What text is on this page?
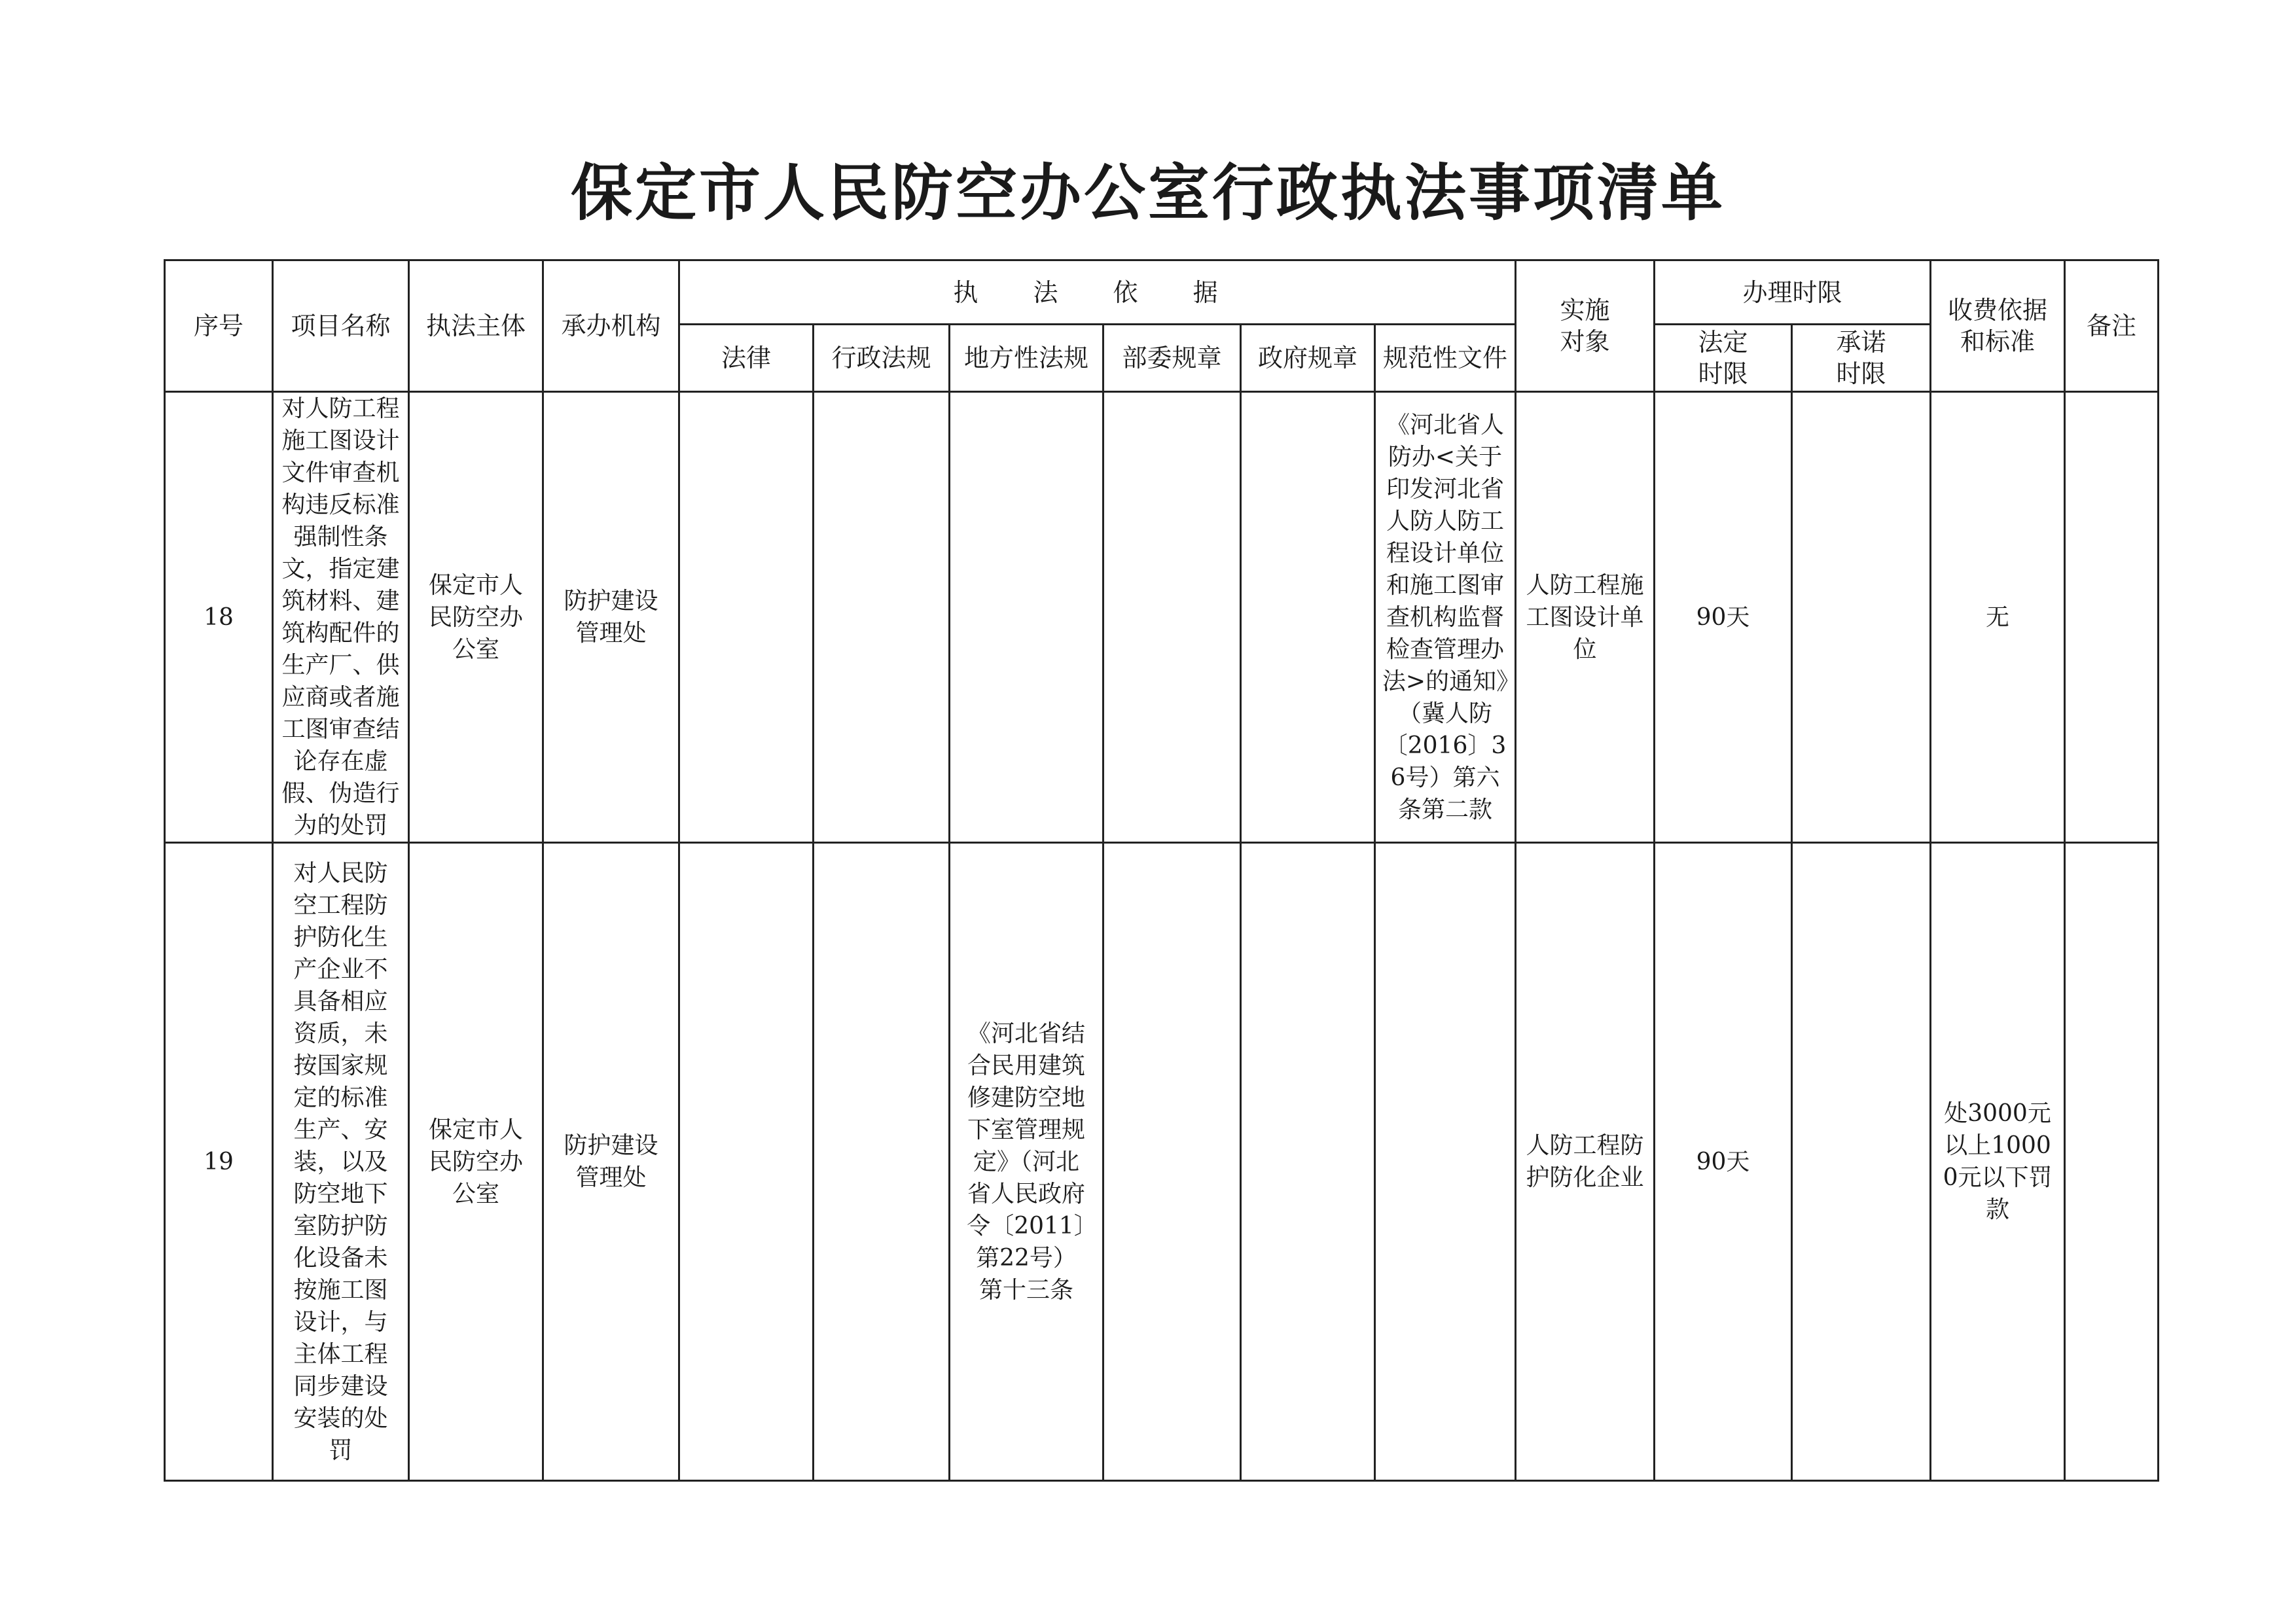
保定市人民防空办公室行政执法事项清单
序号	项目名称	执法主体	承办机构	执 法 依 据						实施对象	办理时限		收费依据和标准	备注
				法律	行政法规	地方性法规	部委规章	政府规章	规范性文件		法定时限	承诺时限		

18	对人防工程施工图设计文件审查机构违反标准强制性条文，指定建筑材料、建筑构配件的生产厂、供应商或者施工图审查结论存在虚假、伪造行为的处罚	保定市人民防空办公室	防护建设管理处						《河北省人防办<关于印发河北省人防人防工程设计单位和施工图审查机构监督检查管理办法>的通知》（冀人防〔2016〕36号）第六条第二款	人防工程施工图设计单位	90天		无	

19	对人民防空工程防护防化生产企业不具备相应资质，未按国家规定的标准生产、安装，以及防空地下室防护防化设备未按施工图设计，与主体工程同步建设安装的处罚	保定市人民防空办公室	防护建设管理处			《河北省结合民用建筑修建防空地下室管理规定》（河北省人民政府令〔2011〕第22号）第十三条				人防工程防护防化企业	90天		处3000元以上10000元以下罚款	
